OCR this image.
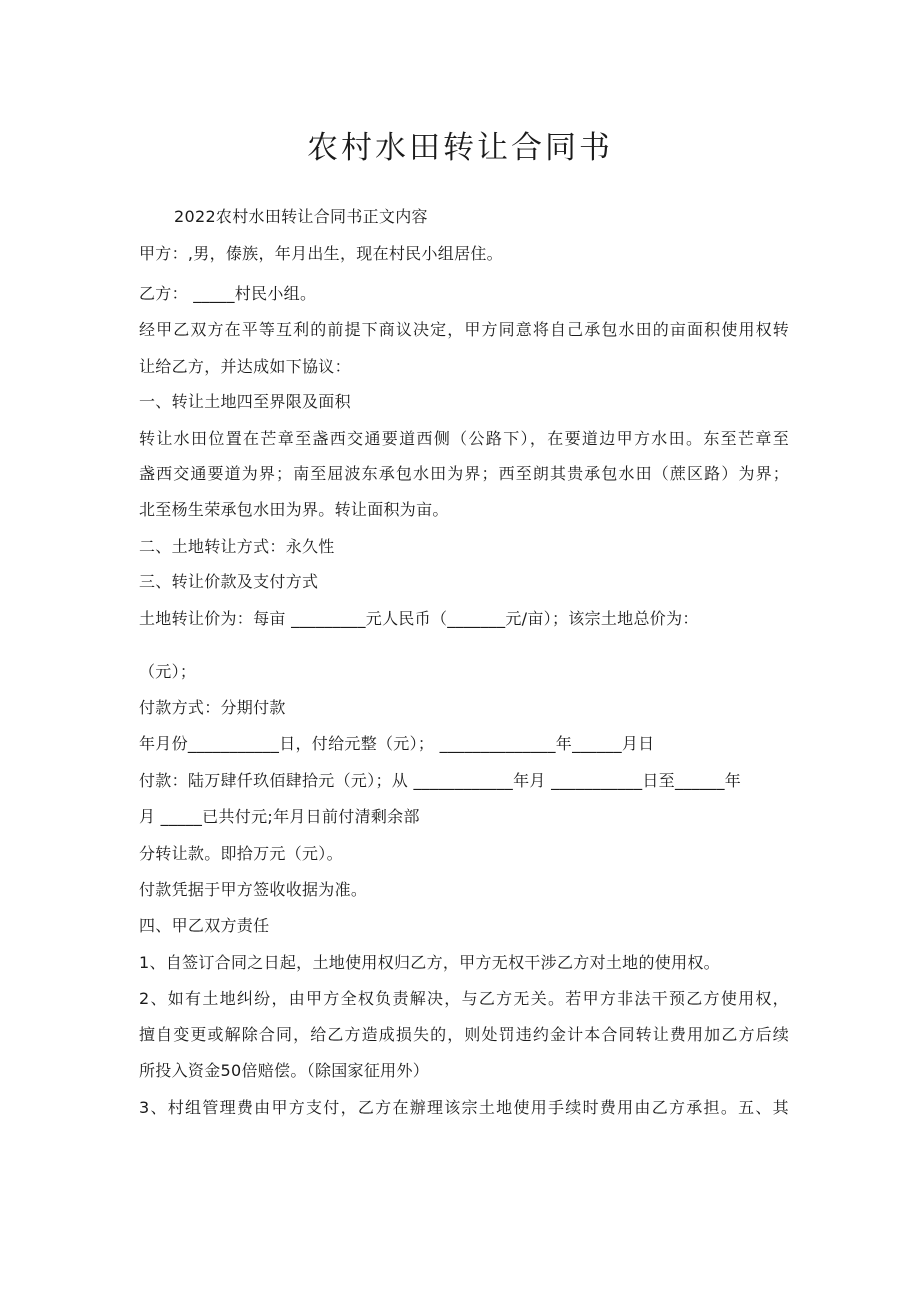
农村水田转让合同书

2022农村水田转让合同书正文内容

甲方：,男，傣族，年月出生，现在村民小组居住。

乙方： _____村民小组。

经甲乙双方在平等互利的前提下商议决定，甲方同意将自己承包水田的亩面积使用权转

让给乙方，并达成如下協议：

一、转让土地四至界限及面积

转让水田位置在芒章至盏西交通要道西侧（公路下），在要道边甲方水田。东至芒章至

盏西交通要道为界；南至屈波东承包水田为界；西至朗其贵承包水田（蔗区路）为界；

北至杨生荣承包水田为界。转让面积为亩。

二、土地转让方式：永久性

三、转让价款及支付方式

土地转让价为：每亩 _________元人民币（_______元/亩）；该宗土地总价为：

（元）；

付款方式：分期付款

年月份___________日，付给元整（元）； ______________年______月日

付款：陆万肆仟玖佰肆拾元（元）；从 ____________年月 ___________日至______年

月 _____已共付元;年月日前付清剩余部

分转让款。即拾万元（元）。

付款凭据于甲方签收收据为准。

四、甲乙双方责任

1、自签订合同之日起，土地使用权归乙方，甲方无权干涉乙方对土地的使用权。

2、如有土地纠纷，由甲方全权负责解决，与乙方无关。若甲方非法干预乙方使用权，

擅自变更或解除合同，给乙方造成损失的，则处罚违约金计本合同转让费用加乙方后续

所投入资金50倍赔偿。（除国家征用外）

3、村组管理费由甲方支付，乙方在辦理该宗土地使用手续时费用由乙方承担。五、其
